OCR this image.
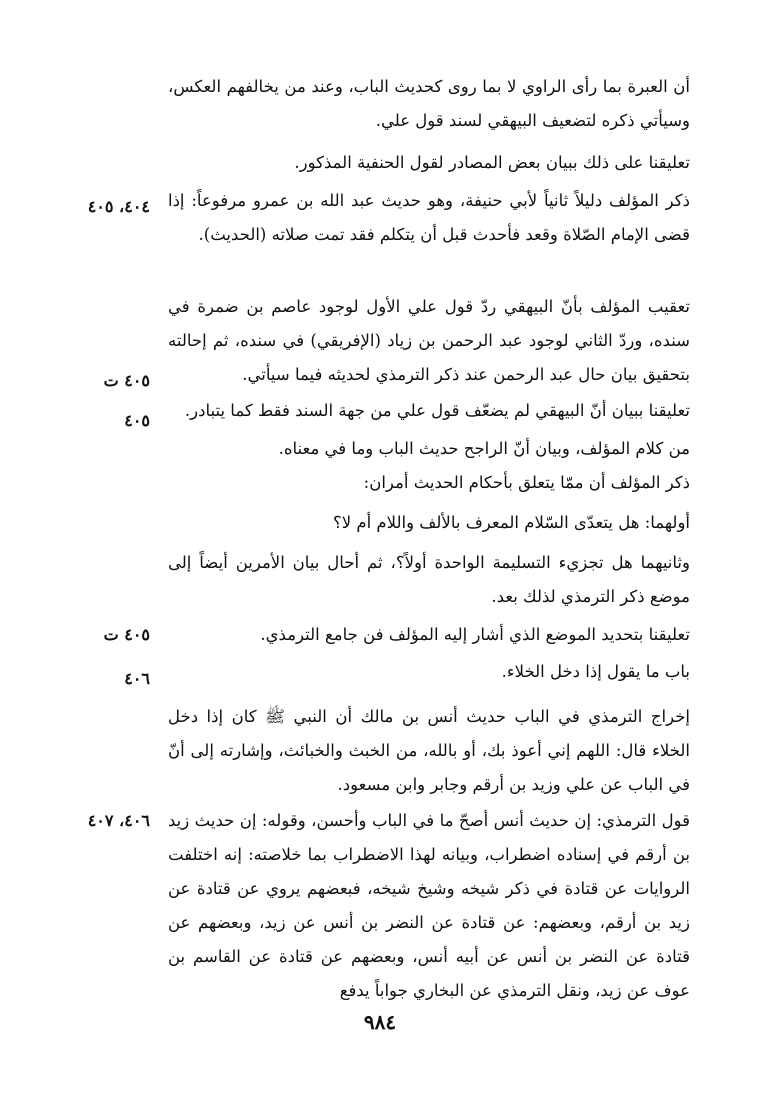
أن العبرة بما رأى الراوي لا بما روى كحديث الباب، وعند من يخالفهم العكس، وسيأتي ذكره لتضعيف البيهقي لسند قول علي.

تعليقنا على ذلك ببيان بعض المصادر لقول الحنفية المذكور.

ذكر المؤلف دليلاً ثانياً لأبي حنيفة، وهو حديث عبد الله بن عمرو مرفوعاً: إذا قضى الإمام الصّلاة وقعد فأحدث قبل أن يتكلم فقد تمت صلاته (الحديث).

تعقيب المؤلف بأنّ البيهقي ردّ قول علي الأول لوجود عاصم بن ضمرة في سنده، وردّ الثاني لوجود عبد الرحمن بن زياد (الإفريقي) في سنده، ثم إحالته بتحقيق بيان حال عبد الرحمن عند ذكر الترمذي لحديثه فيما سيأتي.

تعليقنا ببيان أنّ البيهقي لم يضعّف قول علي من جهة السند فقط كما يتبادر.

من كلام المؤلف، وبيان أنّ الراجح حديث الباب وما في معناه.

ذكر المؤلف أن ممّا يتعلق بأحكام الحديث أمران:

أولهما: هل يتعدّى السّلام المعرف بالألف واللام أم لا؟

وثانيهما هل تجزيء التسليمة الواحدة أولاً؟، ثم أحال بيان الأمرين أيضاً إلى موضع ذكر الترمذي لذلك بعد.

تعليقنا بتحديد الموضع الذي أشار إليه المؤلف فن جامع الترمذي.

باب ما يقول إذا دخل الخلاء.

إخراج الترمذي في الباب حديث أنس بن مالك أن النبي ﷺ كان إذا دخل الخلاء قال: اللهم إني أعوذ بك، أو بالله، من الخبث والخبائث، وإشارته إلى أنّ في الباب عن علي وزيد بن أرقم وجابر وابن مسعود.

قول الترمذي: إن حديث أنس أصحّ ما في الباب وأحسن، وقوله: إن حديث زيد بن أرقم في إسناده اضطراب، وبيانه لهذا الاضطراب بما خلاصته: إنه اختلفت الروايات عن قتادة في ذكر شيخه وشيخ شيخه، فبعضهم يروي عن قتادة عن زيد بن أرقم، وبعضهم: عن قتادة عن النضر بن أنس عن زيد، وبعضهم عن قتادة عن النضر بن أنس عن أبيه أنس، وبعضهم عن قتادة عن القاسم بن عوف عن زيد، ونقل الترمذي عن البخاري جواباً يدفع

٤٠٤، ٤٠٥
٤٠٥ ت
٤٠٥
٤٠٥ ت
٤٠٦
٤٠٦، ٤٠٧
٩٨٤
